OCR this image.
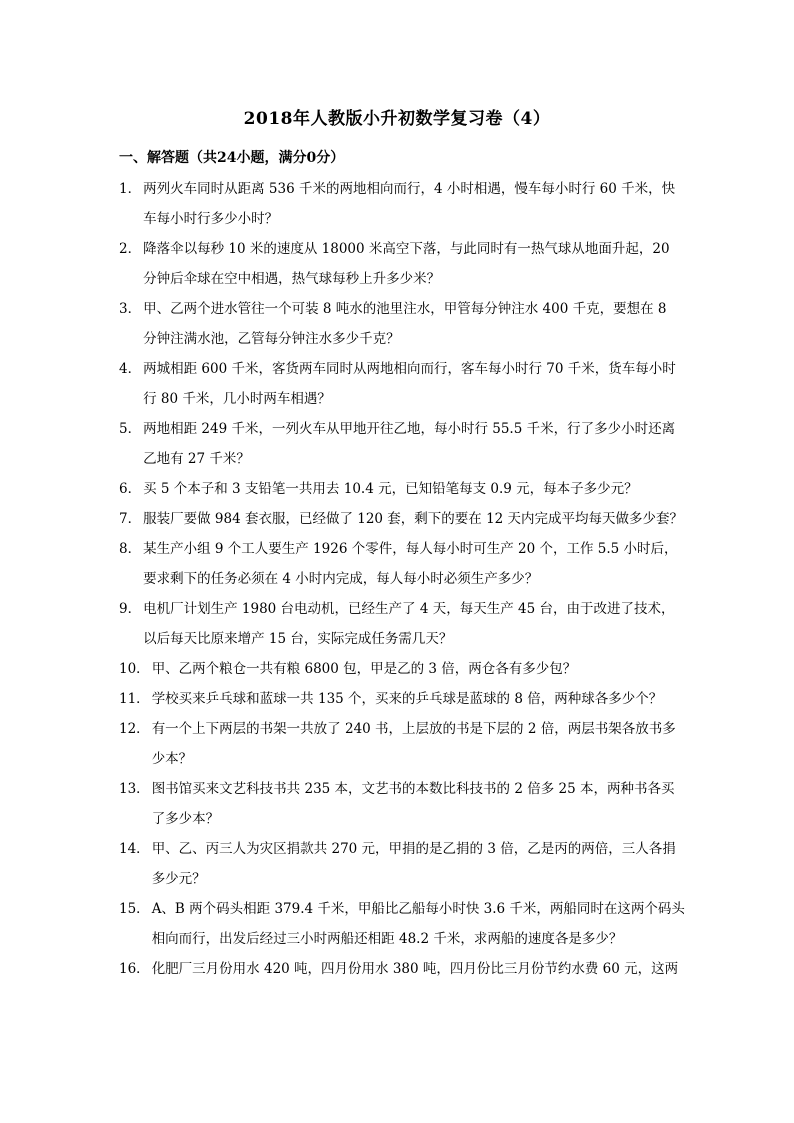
2018年人教版小升初数学复习卷（4）
一、解答题（共24小题，满分0分）
1． 两列火车同时从距离 536 千米的两地相向而行，4 小时相遇，慢车每小时行 60 千米，快
车每小时行多少小时？
2． 降落伞以每秒 10 米的速度从 18000 米高空下落，与此同时有一热气球从地面升起，20
分钟后伞球在空中相遇，热气球每秒上升多少米？
3． 甲、乙两个进水管往一个可装 8 吨水的池里注水，甲管每分钟注水 400 千克，要想在 8
分钟注满水池，乙管每分钟注水多少千克？
4． 两城相距 600 千米，客货两车同时从两地相向而行，客车每小时行 70 千米，货车每小时
行 80 千米，几小时两车相遇？
5． 两地相距 249 千米，一列火车从甲地开往乙地，每小时行 55.5 千米，行了多少小时还离
乙地有 27 千米？
6． 买 5 个本子和 3 支铅笔一共用去 10.4 元，已知铅笔每支 0.9 元，每本子多少元？
7． 服装厂要做 984 套衣服，已经做了 120 套，剩下的要在 12 天内完成平均每天做多少套？
8． 某生产小组 9 个工人要生产 1926 个零件，每人每小时可生产 20 个，工作 5.5 小时后，
要求剩下的任务必须在 4 小时内完成，每人每小时必须生产多少？
9． 电机厂计划生产 1980 台电动机，已经生产了 4 天，每天生产 45 台，由于改进了技术，
以后每天比原来增产 15 台，实际完成任务需几天？
10． 甲、乙两个粮仓一共有粮 6800 包，甲是乙的 3 倍，两仓各有多少包？
11． 学校买来乒乓球和蓝球一共 135 个，买来的乒乓球是蓝球的 8 倍，两种球各多少个？
12． 有一个上下两层的书架一共放了 240 书，上层放的书是下层的 2 倍，两层书架各放书多
少本？
13． 图书馆买来文艺科技书共 235 本，文艺书的本数比科技书的 2 倍多 25 本，两种书各买
了多少本？
14． 甲、乙、丙三人为灾区捐款共 270 元，甲捐的是乙捐的 3 倍，乙是丙的两倍，三人各捐
多少元？
15． A、B 两个码头相距 379.4 千米，甲船比乙船每小时快 3.6 千米，两船同时在这两个码头
相向而行，出发后经过三小时两船还相距 48.2 千米，求两船的速度各是多少？
16． 化肥厂三月份用水 420 吨，四月份用水 380 吨，四月份比三月份节约水费 60 元，这两
